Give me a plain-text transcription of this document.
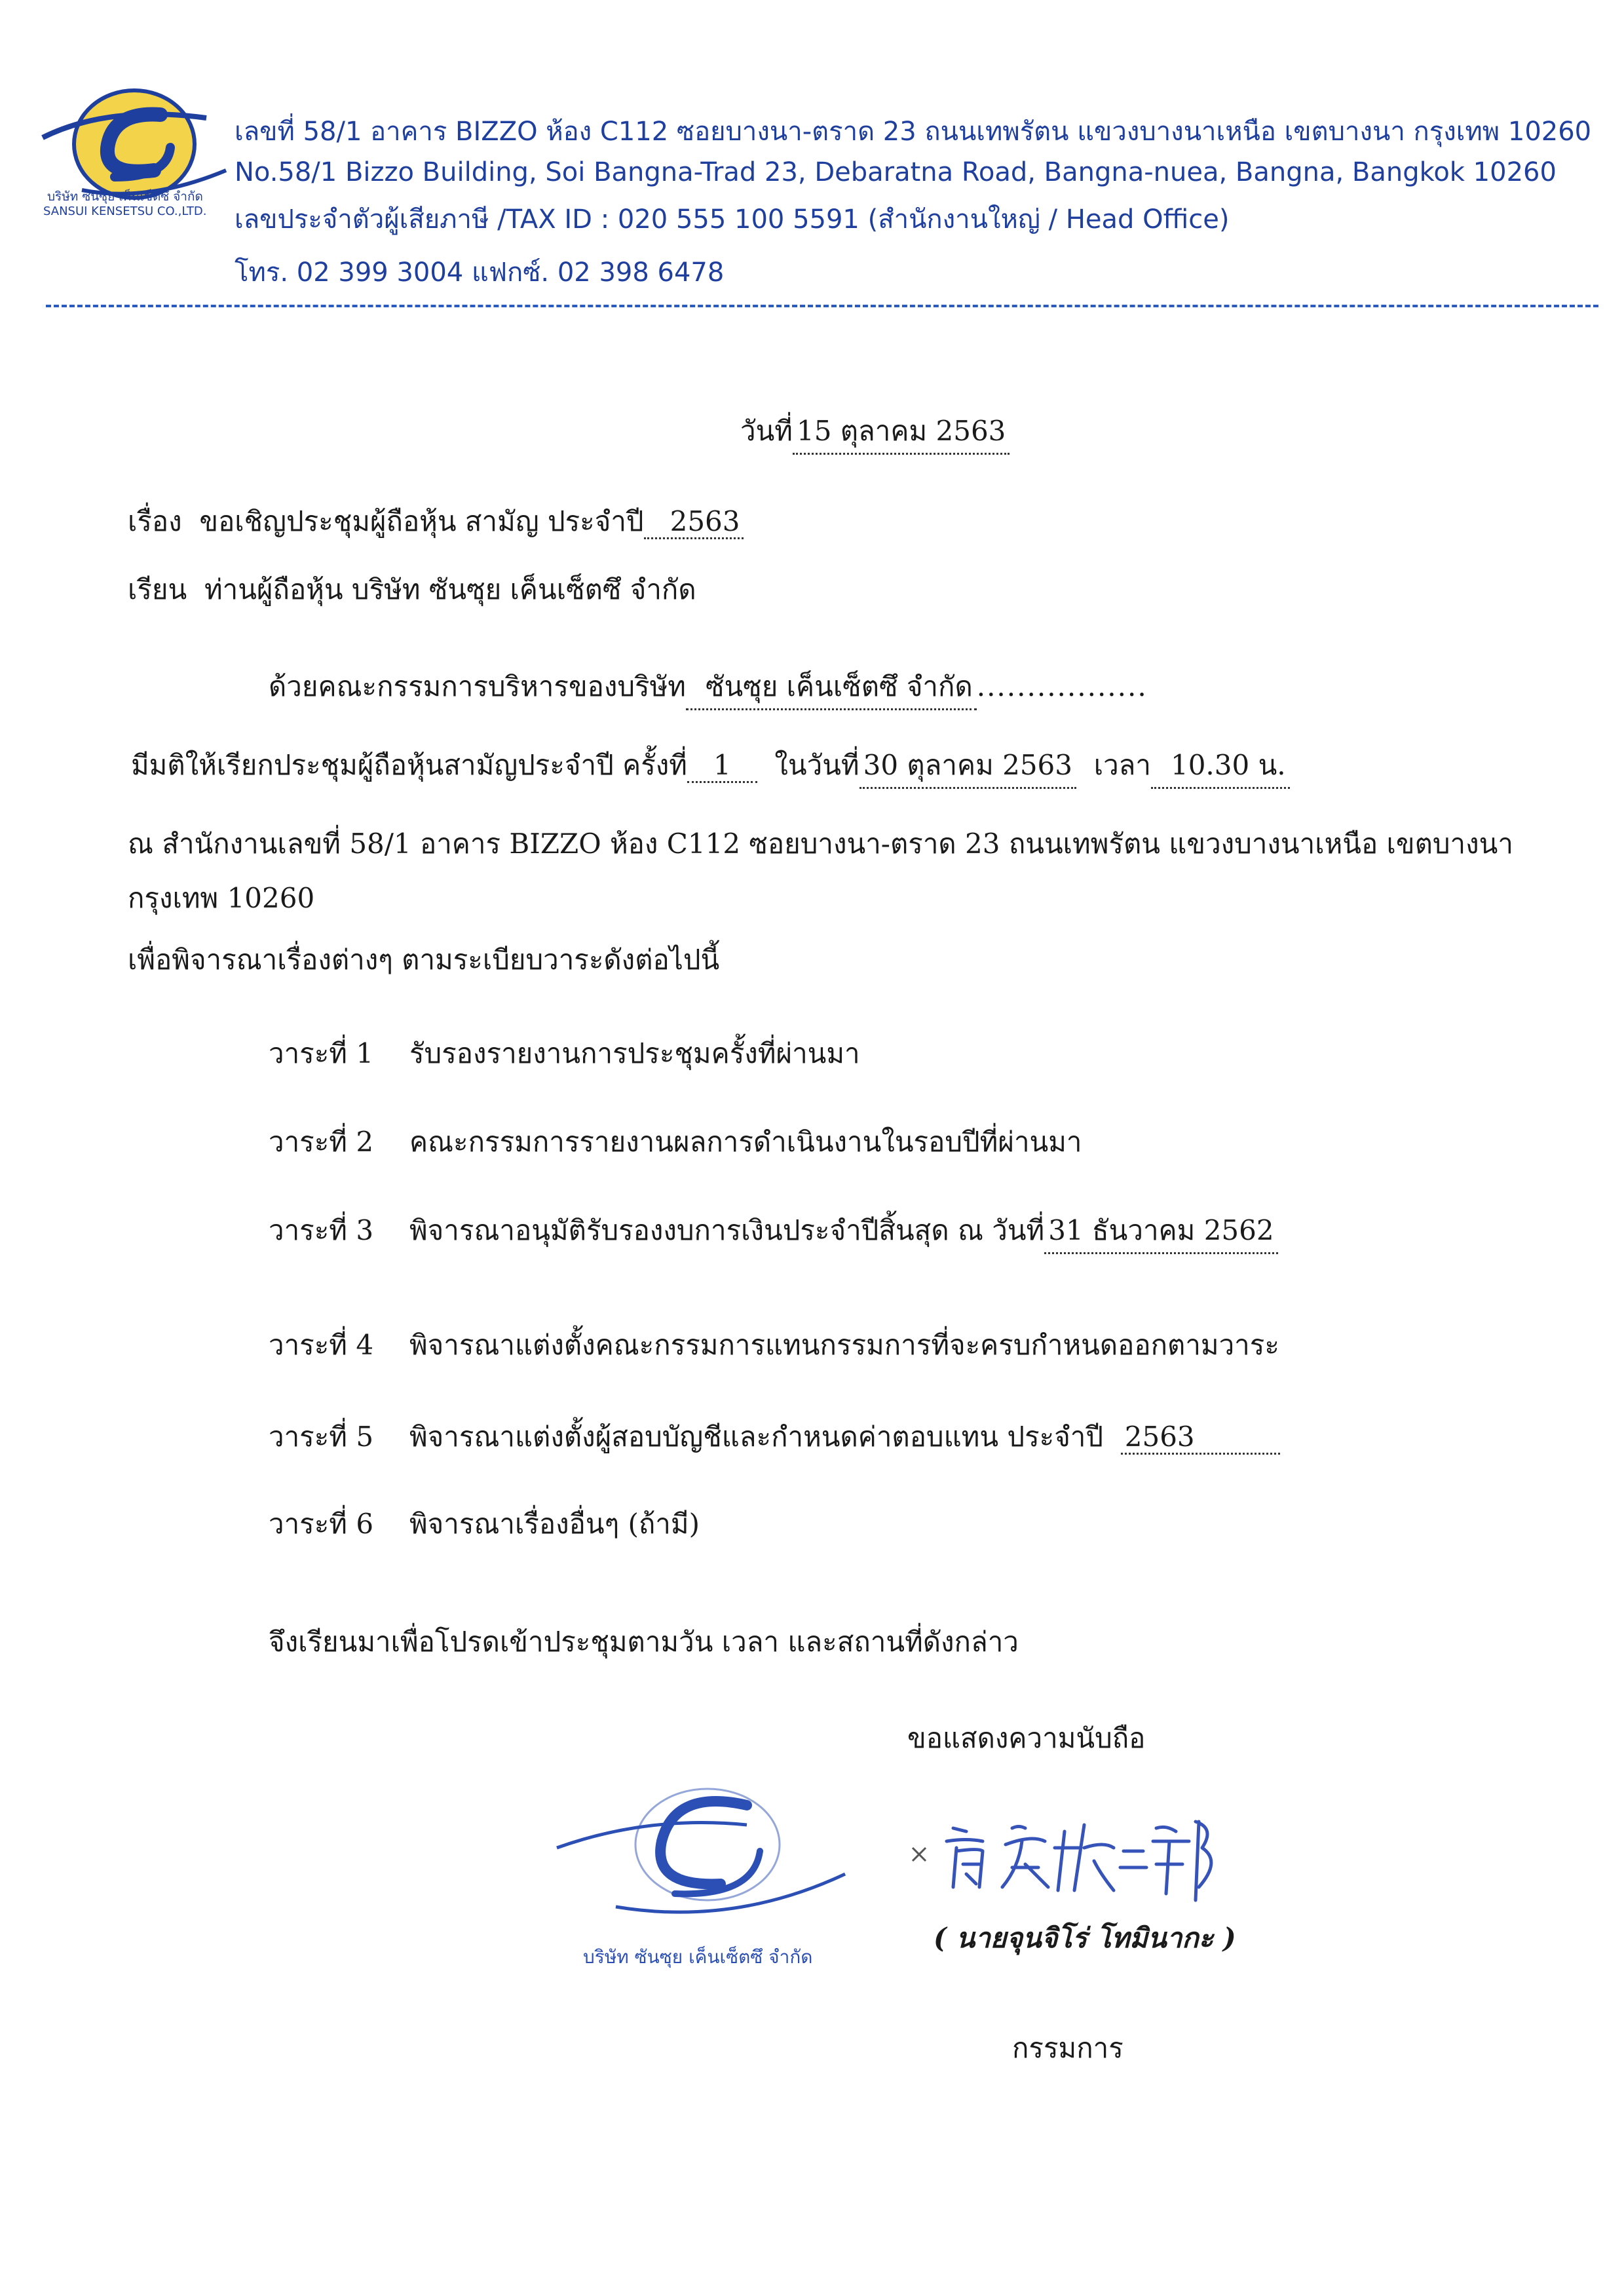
บริษัท ซันซุย เค็นเซ็ตซึ จำกัด
SANSUI KENSETSU CO.,LTD.
เลขที่ 58/1 อาคาร BIZZO ห้อง C112 ซอยบางนา-ตราด 23 ถนนเทพรัตน แขวงบางนาเหนือ เขตบางนา กรุงเทพ 10260
No.58/1 Bizzo Building, Soi Bangna-Trad 23, Debaratna Road, Bangna-nuea, Bangna, Bangkok 10260
เลขประจำตัวผู้เสียภาษี /TAX ID : 020 555 100 5591 (สำนักงานใหญ่ / Head Office)
โทร. 02 399 3004 แฟกซ์. 02 398 6478
วันที่ 15 ตุลาคม 2563
เรื่อง ขอเชิญประชุมผู้ถือหุ้น สามัญ ประจำปี 2563
เรียน ท่านผู้ถือหุ้น บริษัท ซันซุย เค็นเซ็ตซึ จำกัด
ด้วยคณะกรรมการบริหารของบริษัท ซันซุย เค็นเซ็ตซึ จำกัด .................
มีมติให้เรียกประชุมผู้ถือหุ้นสามัญประจำปี ครั้งที่ 1 ในวันที่ 30 ตุลาคม 2563 เวลา 10.30 น.
ณ สำนักงานเลขที่ 58/1 อาคาร BIZZO ห้อง C112 ซอยบางนา-ตราด 23 ถนนเทพรัตน แขวงบางนาเหนือ เขตบางนา
กรุงเทพ 10260
เพื่อพิจารณาเรื่องต่างๆ ตามระเบียบวาระดังต่อไปนี้
วาระที่ 1 รับรองรายงานการประชุมครั้งที่ผ่านมา
วาระที่ 2 คณะกรรมการรายงานผลการดำเนินงานในรอบปีที่ผ่านมา
วาระที่ 3 พิจารณาอนุมัติรับรองงบการเงินประจำปีสิ้นสุด ณ วันที่ 31 ธันวาคม 2562
วาระที่ 4 พิจารณาแต่งตั้งคณะกรรมการแทนกรรมการที่จะครบกำหนดออกตามวาระ
วาระที่ 5 พิจารณาแต่งตั้งผู้สอบบัญชีและกำหนดค่าตอบแทน ประจำปี 2563
วาระที่ 6 พิจารณาเรื่องอื่นๆ (ถ้ามี)
จึงเรียนมาเพื่อโปรดเข้าประชุมตามวัน เวลา และสถานที่ดังกล่าว
ขอแสดงความนับถือ
บริษัท ซันซุย เค็นเซ็ตซึ จำกัด
( นายจุนจิโร่ โทมินากะ )
กรรมการ
